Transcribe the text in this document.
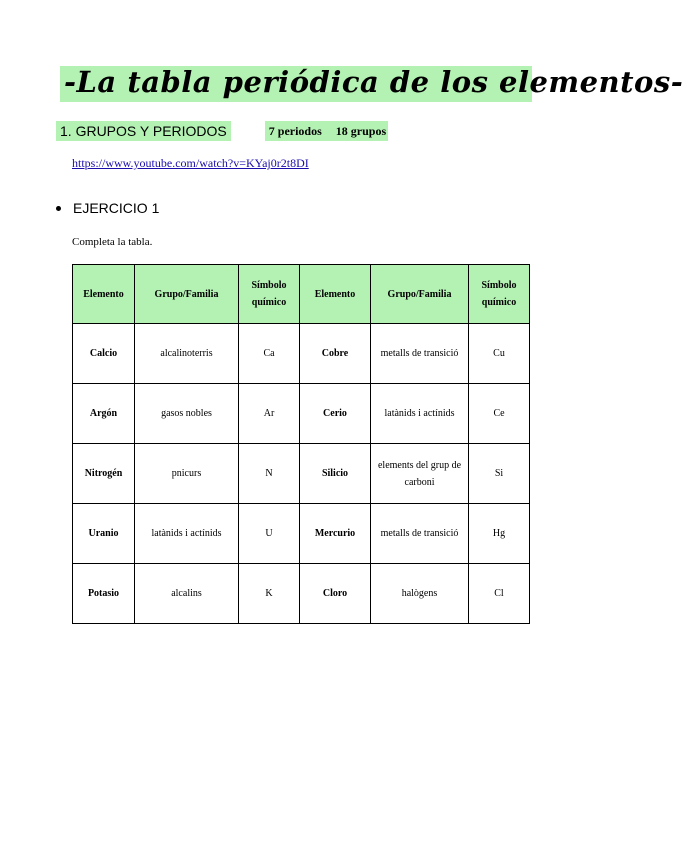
-La tabla periódica de los elementos-
1. GRUPOS Y PERIODOS	7 periodos 18 grupos
https://www.youtube.com/watch?v=KYaj0r2t8DI
EJERCICIO 1
Completa la tabla.
Elemento	Grupo/Familia	Símbolo químico	Elemento	Grupo/Familia	Símbolo químico
Calcio	alcalinoterris	Ca	Cobre	metalls de transició	Cu
Argón	gasos nobles	Ar	Cerio	latànids i actínids	Ce
Nitrogén	pnicurs	N	Silicio	elements del grup de carboni	Si
Uranio	latànids i actínids	U	Mercurio	metalls de transició	Hg
Potasio	alcalins	K	Cloro	halògens	Cl
